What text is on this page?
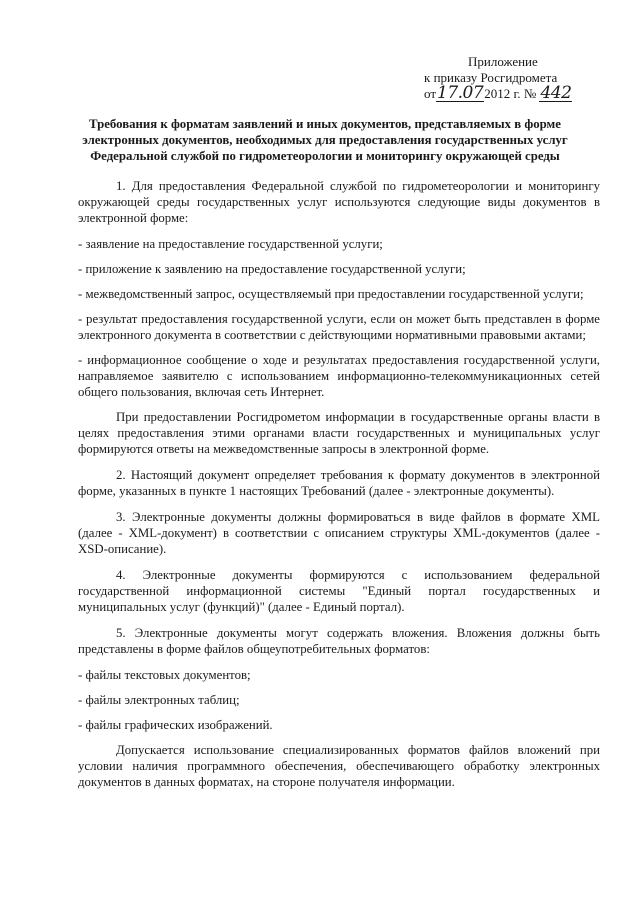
Приложение
к приказу Росгидромета
от17.072012 г. № 442
Требования к форматам заявлений и иных документов, представляемых в форме электронных документов, необходимых для предоставления государственных услуг Федеральной службой по гидрометеорологии и мониторингу окружающей среды
1. Для предоставления Федеральной службой по гидрометеорологии и мониторингу окружающей среды государственных услуг используются следующие виды документов в электронной форме:
- заявление на предоставление государственной услуги;
- приложение к заявлению на предоставление государственной услуги;
- межведомственный запрос, осуществляемый при предоставлении государственной услуги;
- результат предоставления государственной услуги, если он может быть представлен в форме электронного документа в соответствии с действующими нормативными правовыми актами;
- информационное сообщение о ходе и результатах предоставления государственной услуги, направляемое заявителю с использованием информационно-телекоммуникационных сетей общего пользования, включая сеть Интернет.
При предоставлении Росгидрометом информации в государственные органы власти в целях предоставления этими органами власти государственных и муниципальных услуг формируются ответы на межведомственные запросы в электронной форме.
2. Настоящий документ определяет требования к формату документов в электронной форме, указанных в пункте 1 настоящих Требований (далее - электронные документы).
3. Электронные документы должны формироваться в виде файлов в формате XML (далее - XML-документ) в соответствии с описанием структуры XML-документов (далее - XSD-описание).
4. Электронные документы формируются с использованием федеральной государственной информационной системы "Единый портал государственных и муниципальных услуг (функций)" (далее - Единый портал).
5. Электронные документы могут содержать вложения. Вложения должны быть представлены в форме файлов общеупотребительных форматов:
- файлы текстовых документов;
- файлы электронных таблиц;
- файлы графических изображений.
Допускается использование специализированных форматов файлов вложений при условии наличия программного обеспечения, обеспечивающего обработку электронных документов в данных форматах, на стороне получателя информации.
